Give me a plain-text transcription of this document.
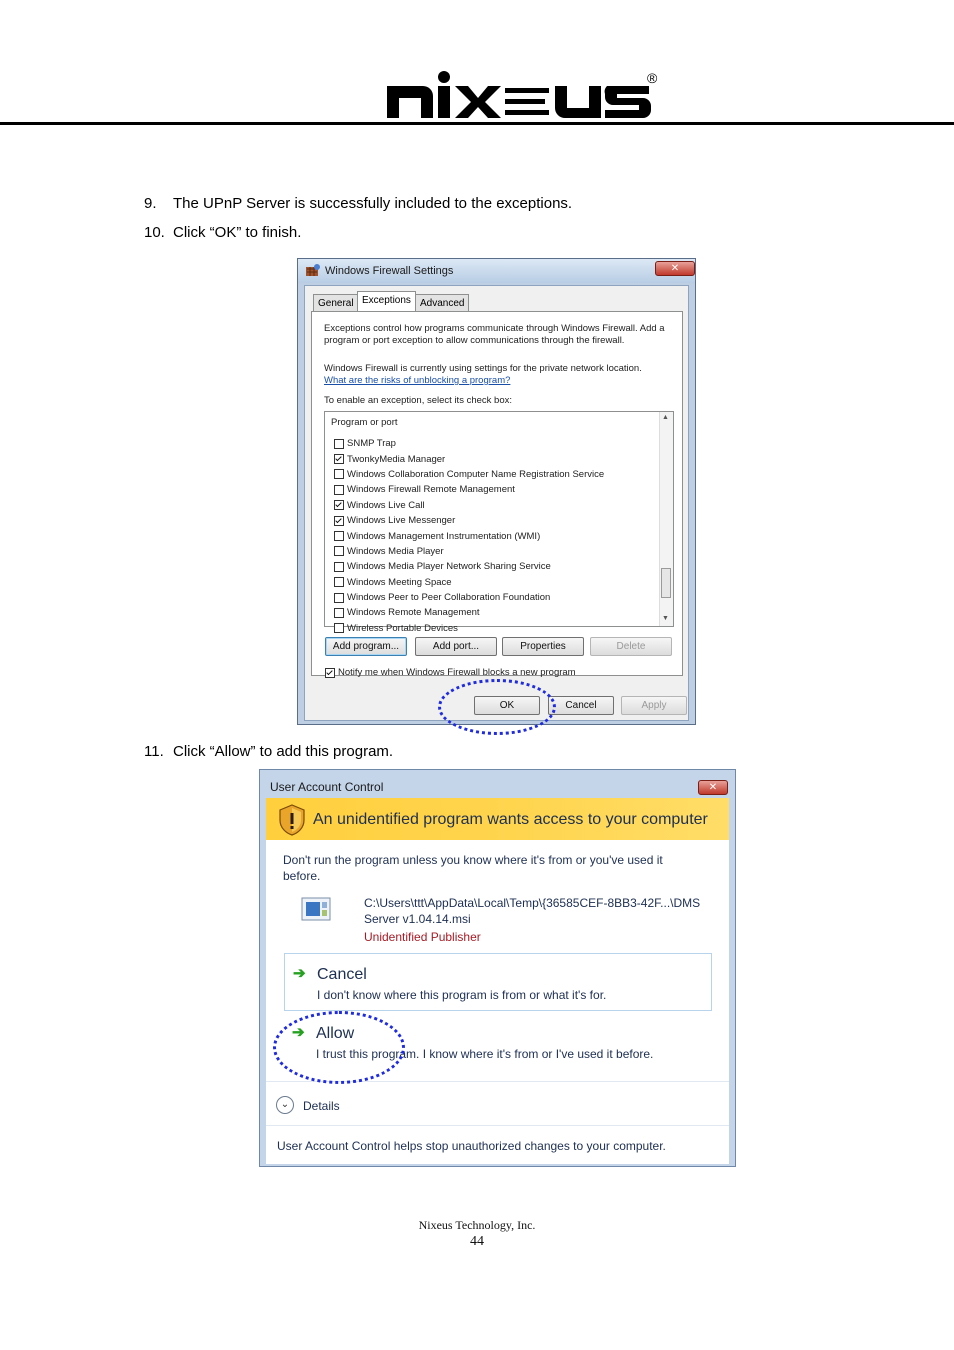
®
9. The UPnP Server is successfully included to the exceptions.
10. Click “OK” to finish.
Windows Firewall Settings	✕
General Exceptions Advanced
Exceptions control how programs communicate through Windows Firewall. Add a program or port exception to allow communications through the firewall.
Windows Firewall is currently using settings for the private network location.
What are the risks of unblocking a program?
To enable an exception, select its check box:
Program or port
SNMP Trap
TwonkyMedia Manager
Windows Collaboration Computer Name Registration Service
Windows Firewall Remote Management
Windows Live Call
Windows Live Messenger
Windows Management Instrumentation (WMI)
Windows Media Player
Windows Media Player Network Sharing Service
Windows Meeting Space
Windows Peer to Peer Collaboration Foundation
Windows Remote Management
Wireless Portable Devices
▲
▼
Add program...	Add port...	Properties	Delete
Notify me when Windows Firewall blocks a new program
OK	Cancel	Apply
11. Click “Allow” to add this program.
User Account Control	✕
An unidentified program wants access to your computer
Don't run the program unless you know where it's from or you've used it before.
C:\Users\ttt\AppData\Local\Temp\{36585CEF-8BB3-42F...\DMS Server v1.04.14.msi
Unidentified Publisher
➔ Cancel
I don't know where this program is from or what it's for.
➔ Allow
I trust this program. I know where it's from or I've used it before.
⌄	Details
User Account Control helps stop unauthorized changes to your computer.
Nixeus Technology, Inc.
44
